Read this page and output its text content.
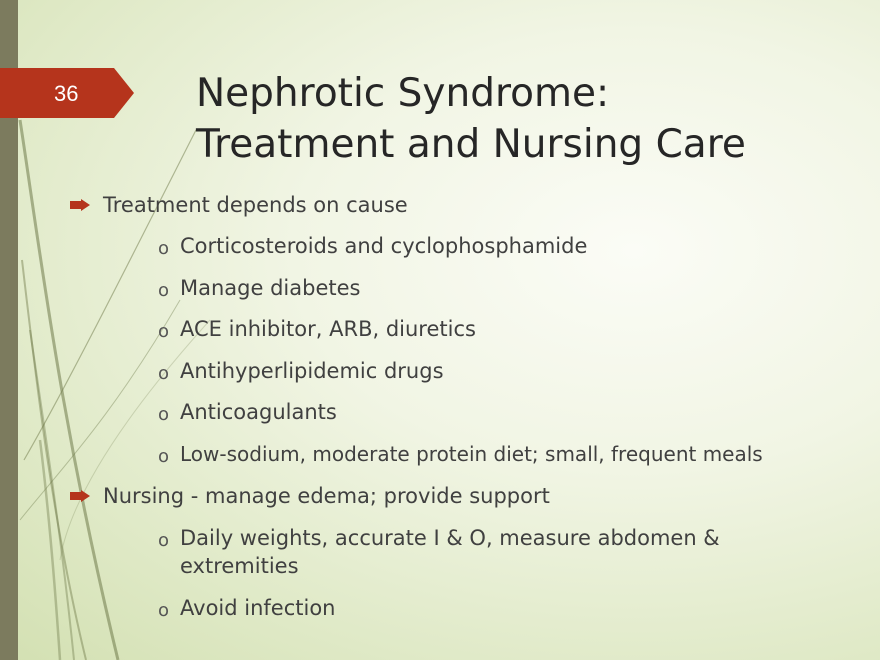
36	Nephrotic Syndrome:
Treatment and Nursing Care
Treatment depends on cause
o Corticosteroids and cyclophosphamide
o Manage diabetes
o ACE inhibitor, ARB, diuretics
o Antihyperlipidemic drugs
o Anticoagulants
o Low-sodium, moderate protein diet; small, frequent meals
Nursing - manage edema; provide support
o Daily weights, accurate I & O, measure abdomen &
extremities
o Avoid infection
